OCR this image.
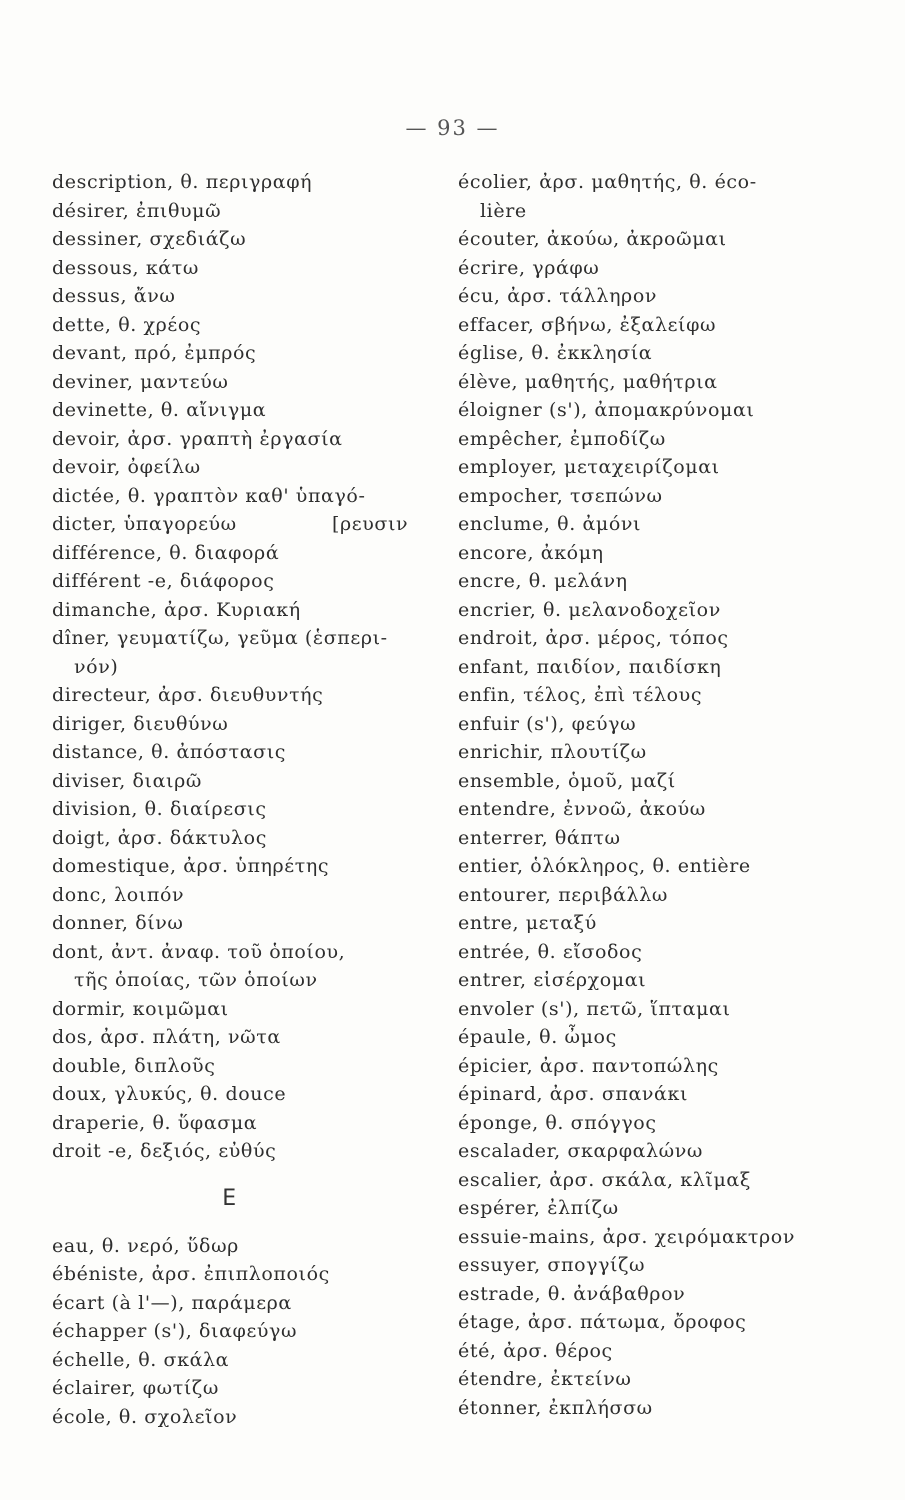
— 93 —
description, θ. περιγραφή
désirer, ἐπιθυμῶ
dessiner, σχεδιάζω
dessous, κάτω
dessus, ἄνω
dette, θ. χρέος
devant, πρό, ἐμπρός
deviner, μαντεύω
devinette, θ. αἴνιγμα
devoir, ἀρσ. γραπτὴ ἐργασία
devoir, ὀφείλω
dictée, θ. γραπτὸν καθ' ὑπαγό-
dicter, ὑπαγορεύω	[ρευσιν
différence, θ. διαφορά
différent -e, διάφορος
dimanche, ἀρσ. Κυριακή
dîner, γευματίζω, γεῦμα (ἑσπερι-
νόν)
directeur, ἀρσ. διευθυντής
diriger, διευθύνω
distance, θ. ἀπόστασις
diviser, διαιρῶ
division, θ. διαίρεσις
doigt, ἀρσ. δάκτυλος
domestique, ἀρσ. ὑπηρέτης
donc, λοιπόν
donner, δίνω
dont, ἀντ. ἀναφ. τοῦ ὁποίου,
τῆς ὁποίας, τῶν ὁποίων
dormir, κοιμῶμαι
dos, ἀρσ. πλάτη, νῶτα
double, διπλοῦς
doux, γλυκύς, θ. douce
draperie, θ. ὕφασμα
droit -e, δεξιός, εὐθύς
E
eau, θ. νερό, ὕδωρ
ébéniste, ἀρσ. ἐπιπλοποιός
écart (à l'—), παράμερα
échapper (s'), διαφεύγω
échelle, θ. σκάλα
éclairer, φωτίζω
école, θ. σχολεῖον
écolier, ἀρσ. μαθητής, θ. éco-
lière
écouter, ἀκούω, ἀκροῶμαι
écrire, γράφω
écu, ἀρσ. τάλληρον
effacer, σβήνω, ἐξαλείφω
église, θ. ἐκκλησία
élève, μαθητής, μαθήτρια
éloigner (s'), ἀπομακρύνομαι
empêcher, ἐμποδίζω
employer, μεταχειρίζομαι
empocher, τσεπώνω
enclume, θ. ἀμόνι
encore, ἀκόμη
encre, θ. μελάνη
encrier, θ. μελανοδοχεῖον
endroit, ἀρσ. μέρος, τόπος
enfant, παιδίον, παιδίσκη
enfin, τέλος, ἐπὶ τέλους
enfuir (s'), φεύγω
enrichir, πλουτίζω
ensemble, ὁμοῦ, μαζί
entendre, ἐννοῶ, ἀκούω
enterrer, θάπτω
entier, ὁλόκληρος, θ. entière
entourer, περιβάλλω
entre, μεταξύ
entrée, θ. εἴσοδος
entrer, εἰσέρχομαι
envoler (s'), πετῶ, ἵπταμαι
épaule, θ. ὦμος
épicier, ἀρσ. παντοπώλης
épinard, ἀρσ. σπανάκι
éponge, θ. σπόγγος
escalader, σκαρφαλώνω
escalier, ἀρσ. σκάλα, κλῖμαξ
espérer, ἐλπίζω
essuie-mains, ἀρσ. χειρόμακτρον
essuyer, σπογγίζω
estrade, θ. ἀνάβαθρον
étage, ἀρσ. πάτωμα, ὄροφος
été, ἀρσ. θέρος
étendre, ἐκτείνω
étonner, ἐκπλήσσω
